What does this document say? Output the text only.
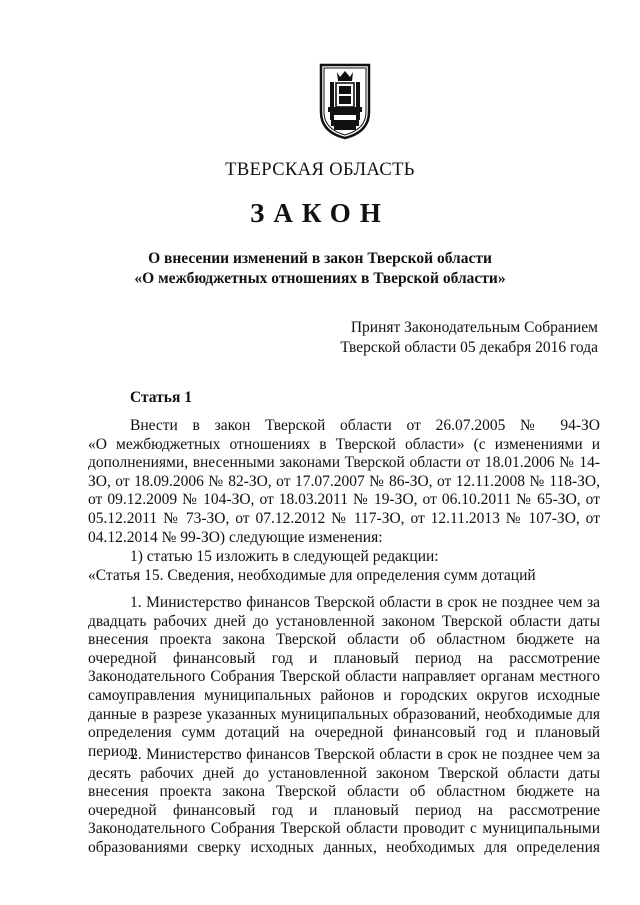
ТВЕРСКАЯ ОБЛАСТЬ
ЗАКОН
О внесении изменений в закон Тверской области
«О межбюджетных отношениях в Тверской области»
Принят Законодательным Собранием
Тверской области 05 декабря 2016 года
Статья 1
Внести в закон Тверской области от 26.07.2005 № 94-ЗО
«О межбюджетных отношениях в Тверской области» (с изменениями и
дополнениями, внесенными законами Тверской области от 18.01.2006 № 14-
ЗО, от 18.09.2006 № 82-ЗО, от 17.07.2007 № 86-ЗО, от 12.11.2008 № 118-ЗО,
от 09.12.2009 № 104-ЗО, от 18.03.2011 № 19-ЗО, от 06.10.2011 № 65-ЗО, от
05.12.2011 № 73-ЗО, от 07.12.2012 № 117-ЗО, от 12.11.2013 № 107-ЗО, от
04.12.2014 № 99-ЗО) следующие изменения:
1) статью 15 изложить в следующей редакции:
«Статья 15. Сведения, необходимые для определения сумм дотаций
1. Министерство финансов Тверской области в срок не позднее чем за
двадцать рабочих дней до установленной законом Тверской области даты
внесения проекта закона Тверской области об областном бюджете на
очередной финансовый год и плановый период на рассмотрение
Законодательного Собрания Тверской области направляет органам местного
самоуправления муниципальных районов и городских округов исходные
данные в разрезе указанных муниципальных образований, необходимые для
определения сумм дотаций на очередной финансовый год и плановый
период.
2. Министерство финансов Тверской области в срок не позднее чем за
десять рабочих дней до установленной законом Тверской области даты
внесения проекта закона Тверской области об областном бюджете на
очередной финансовый год и плановый период на рассмотрение
Законодательного Собрания Тверской области проводит с муниципальными
образованиями сверку исходных данных, необходимых для определения
